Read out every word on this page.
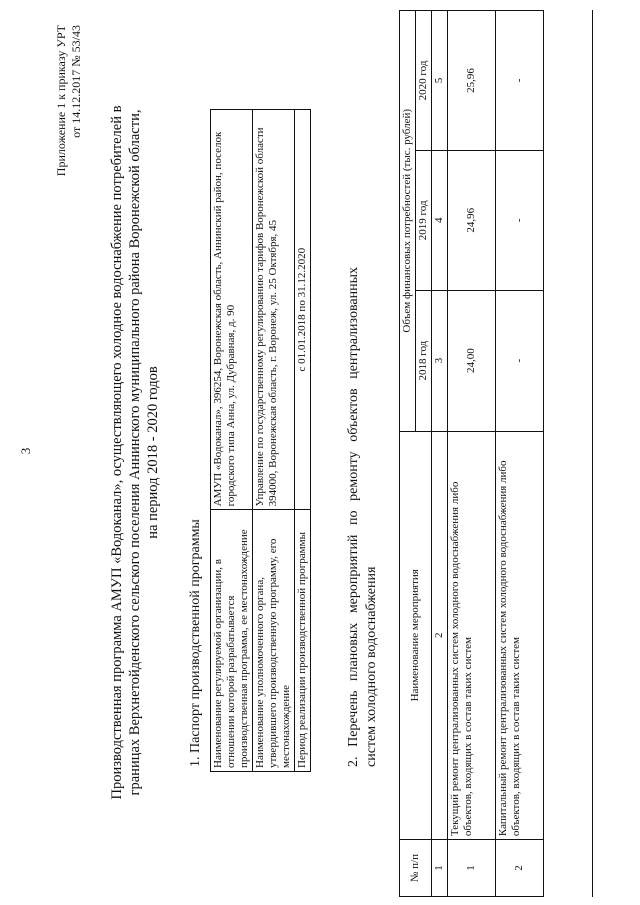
3
Приложение 1 к приказу УРТ от 14.12.2017 № 53/43
Производственная программа АМУП «Водоканал», осуществляющего холодное водоснабжение потребителей в границах Верхнетойденского сельского поселения Аннинского муниципального района Воронежской области, на период 2018 - 2020 годов
1. Паспорт производственной программы Наименование регулируемой организации, в отношении которой разрабатывается производственная программа, ее местонахождение	АМУП «Водоканал», 396254, Воронежская область, Аннинский район, поселок городского типа Анна, ул. Дубравная, д. 90
Наименование уполномоченного органа, утвердившего производственную программу, его местонахождение	Управление по государственному регулированию тарифов Воронежской области 394000, Воронежская область, г. Воронеж, ул. 25 Октября, 45
Период реализации производственной программы	с 01.01.2018 по 31.12.2020	2. Перечень плановых мероприятий по ремонту объектов централизованных систем холодного водоснабжения
№ п/п	Наименование мероприятия	Объем финансовых потребностей (тыс. рублей)		
		2018 год	2019 год	2020 год
1	2	3	4	5
1	Текущий ремонт централизованных систем холодного водоснабжения либо объектов, входящих в состав таких систем	24,00	24,96	25,96
2	Капитальный ремонт централизованных систем холодного водоснабжения либо объектов, входящих в состав таких систем	-	-	-
